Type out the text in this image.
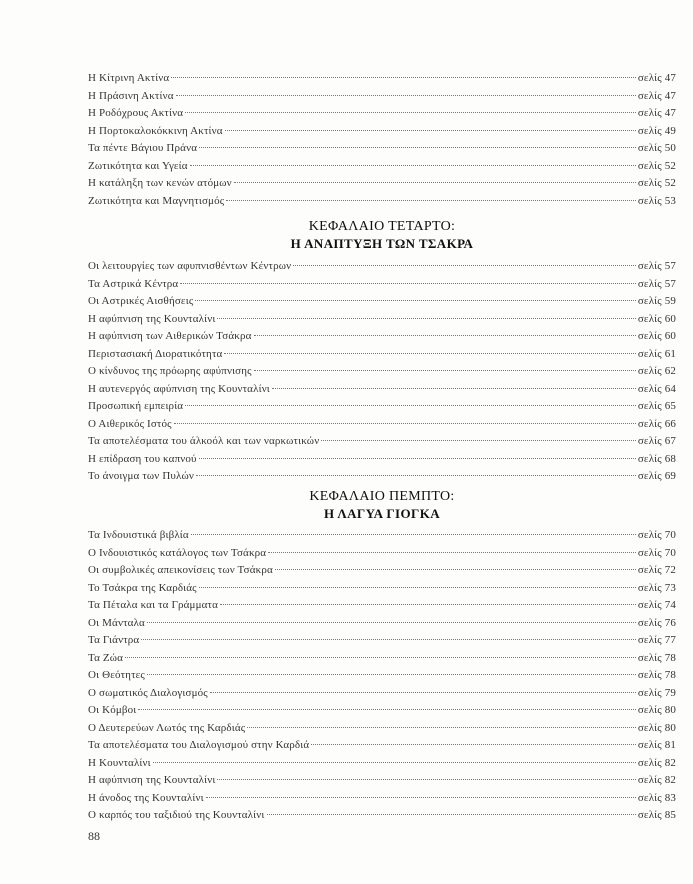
Η Κίτρινη Ακτίνα	σελίς 47
Η Πράσινη Ακτίνα	σελίς 47
Η Ροδόχρους Ακτίνα	σελίς 47
Η Πορτοκαλοκόκκινη Ακτίνα	σελίς 49
Τα πέντε Βάγιου Πράνα	σελίς 50
Ζωτικότητα και Υγεία	σελίς 52
Η κατάληξη των κενών ατόμων	σελίς 52
Ζωτικότητα και Μαγνητισμός	σελίς 53
ΚΕΦΑΛΑΙΟ ΤΕΤΑΡΤΟ:
Η ΑΝΑΠΤΥΞΗ ΤΩΝ ΤΣΑΚΡΑ
Οι λειτουργίες των αφυπνισθέντων Κέντρων	σελίς 57
Τα Αστρικά Κέντρα	σελίς 57
Οι Αστρικές Αισθήσεις	σελίς 59
Η αφύπνιση της Κουνταλίνι	σελίς 60
Η αφύπνιση των Αιθερικών Τσάκρα	σελίς 60
Περιστασιακή Διορατικότητα	σελίς 61
Ο κίνδυνος της πρόωρης αφύπνισης	σελίς 62
Η αυτενεργός αφύπνιση της Κουνταλίνι	σελίς 64
Προσωπική εμπειρία	σελίς 65
Ο Αιθερικός Ιστός	σελίς 66
Τα αποτελέσματα του άλκοόλ και των ναρκωτικών	σελίς 67
Η επίδραση του καπνού	σελίς 68
Το άνοιγμα των Πυλών	σελίς 69
ΚΕΦΑΛΑΙΟ ΠΕΜΠΤΟ:
Η ΛΑΓΥΑ ΓΙΟΓΚΑ
Τα Ινδουιστικά βιβλία	σελίς 70
Ο Ινδουιστικός κατάλογος των Τσάκρα	σελίς 70
Οι συμβολικές απεικονίσεις των Τσάκρα	σελίς 72
Το Τσάκρα της Καρδιάς	σελίς 73
Τα Πέταλα και τα Γράμματα	σελίς 74
Οι Μάνταλα	σελίς 76
Τα Γιάντρα	σελίς 77
Τα Ζώα	σελίς 78
Οι Θεότητες	σελίς 78
Ο σωματικός Διαλογισμός	σελίς 79
Οι Κόμβοι	σελίς 80
Ο Δευτερεύων Λωτός της Καρδιάς	σελίς 80
Τα αποτελέσματα του Διαλογισμού στην Καρδιά	σελίς 81
Η Κουνταλίνι	σελίς 82
Η αφύπνιση της Κουνταλίνι	σελίς 82
Η άνοδος της Κουνταλίνι	σελίς 83
Ο καρπός του ταξιδιού της Κουνταλίνι	σελίς 85
88
